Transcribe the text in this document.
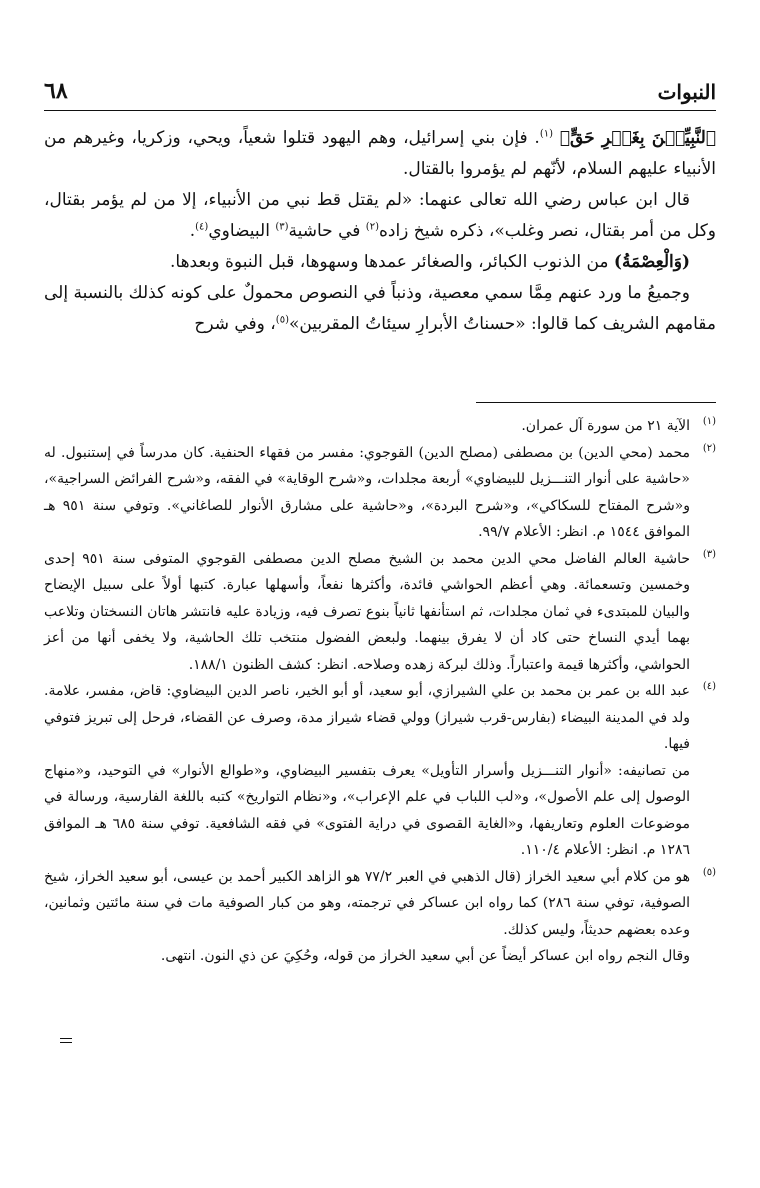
النبوات
٦٨

ٱلنَّبِيِّـۧنَ بِغَيۡرِ حَقٍّ﴾ $^{(١)}$. فإن بني إسرائيل، وهم اليهود قتلوا شعياً، ويحي، وزكريا، وغيرهم من الأنبياء عليهم السلام، لأنّهم لم يؤمروا بالقتال.

قال ابن عباس رضي الله تعالى عنهما: «لم يقتل قط نبي من الأنبياء، إلا من لم يؤمر بقتال، وكل من أمر بقتال، نصر وغلب»، ذكره شيخ زاده$^{(٢)}$ في حاشية$^{(٣)}$ البيضاوي$^{(٤)}$.

(وَالْعِصْمَةُ) من الذنوب الكبائر، والصغائر عمدها وسهوها، قبل النبوة وبعدها.

وجميعُ ما ورد عنهم مِمَّا سمي معصية، وذنباً في النصوص محمولٌ على كونه كذلك بالنسبة إلى مقامهم الشريف كما قالوا: «حسناتُ الأبرارِ سيئاتُ المقربين»$^{(٥)}$، وفي شرح

(١)

الآية ٢١ من سورة آل عمران.

(٢)

محمد (محي الدين) بن مصطفى (مصلح الدين) القوجوي: مفسر من فقهاء الحنفية. كان مدرساً في إستنبول. له «حاشية على أنوار التنـــزيل للبيضاوي» أربعة مجلدات، و«شرح الوقاية» في الفقه، و«شرح الفرائض السراجية»، و«شرح المفتاح للسكاكي»، و«شرح البردة»، و«حاشية على مشارق الأنوار للصاغاني». وتوفي سنة ٩٥١ هـ الموافق ١٥٤٤ م. انظر: الأعلام ٩٩/٧.

(٣)

حاشية العالم الفاضل محي الدين محمد بن الشيخ مصلح الدين مصطفى القوجوي المتوفى سنة ٩٥١ إحدى وخمسين وتسعمائة. وهي أعظم الحواشي فائدة، وأكثرها نفعاً، وأسهلها عبارة. كتبها أولاً على سبيل الإيضاح والبيان للمبتدىء في ثمان مجلدات، ثم استأنفها ثانياً بنوع تصرف فيه، وزيادة عليه فانتشر هاتان النسختان وتلاعب بهما أيدي النساخ حتى كاد أن لا يفرق بينهما. ولبعض الفضول منتخب تلك الحاشية، ولا يخفى أنها من أعز الحواشي، وأكثرها قيمة واعتباراً. وذلك لبركة زهده وصلاحه. انظر: كشف الظنون ١٨٨/١.

(٤)

عبد الله بن عمر بن محمد بن علي الشيرازي، أبو سعيد، أو أبو الخير، ناصر الدين البيضاوي: قاض، مفسر، علامة. ولد في المدينة البيضاء (بفارس-قرب شيراز) وولي قضاء شيراز مدة، وصرف عن القضاء، فرحل إلى تبريز فتوفي فيها.

من تصانيفه: «أنوار التنـــزيل وأسرار التأويل» يعرف بتفسير البيضاوي، و«طوالع الأنوار» في التوحيد، و«منهاج الوصول إلى علم الأصول»، و«لب اللباب في علم الإعراب»، و«نظام التواريخ» كتبه باللغة الفارسية، ورسالة في موضوعات العلوم وتعاريفها، و«الغاية القصوى في دراية الفتوى» في فقه الشافعية. توفي سنة ٦٨٥ هـ الموافق ١٢٨٦ م. انظر: الأعلام ١١٠/٤.

(٥)

هو من كلام أبي سعيد الخراز (قال الذهبي في العبر ٧٧/٢ هو الزاهد الكبير أحمد بن عيسى، أبو سعيد الخراز، شيخ الصوفية، توفي سنة ٢٨٦) كما رواه ابن عساكر في ترجمته، وهو من كبار الصوفية مات في سنة مائتين وثمانين، وعده بعضهم حديثاً، وليس كذلك.

وقال النجم رواه ابن عساكر أيضاً عن أبي سعيد الخراز من قوله، وحُكِيَ عن ذي النون. انتهى.
